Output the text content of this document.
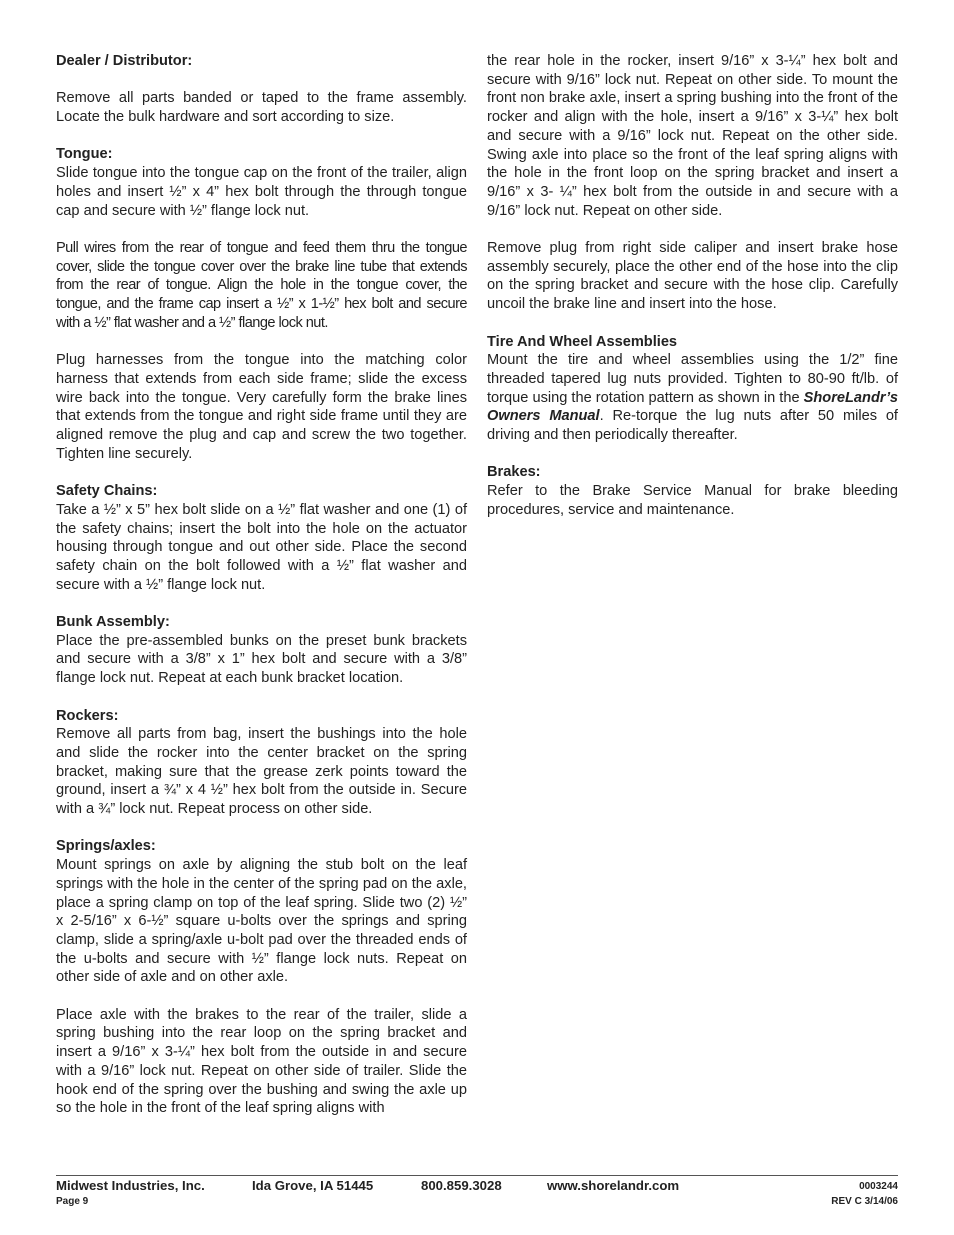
Dealer / Distributor:
Remove all parts banded or taped to the frame assembly. Locate the bulk hardware and sort according to size.
Tongue:
Slide tongue into the tongue cap on the front of the trailer, align holes and insert ½” x 4” hex bolt through the through tongue cap and secure with ½” flange lock nut.
Pull wires from the rear of tongue and feed them thru the tongue cover, slide the tongue cover over the brake line tube that extends from the rear of tongue. Align the hole in the tongue cover, the tongue, and the frame cap insert a ½” x 1-½” hex bolt and secure with a ½” flat washer and a ½” flange lock nut.
Plug harnesses from the tongue into the matching color harness that extends from each side frame; slide the excess wire back into the tongue. Very carefully form the brake lines that extends from the tongue and right side frame until they are aligned remove the plug and cap and screw the two together. Tighten line securely.
Safety Chains:
Take a ½” x 5” hex bolt slide on a ½” flat washer and one (1) of the safety chains; insert the bolt into the hole on the actuator housing through tongue and out other side. Place the second safety chain on the bolt followed with a ½” flat washer and secure with a ½” flange lock nut.
Bunk Assembly:
Place the pre-assembled bunks on the preset bunk brackets and secure with a 3/8” x 1” hex bolt and secure with a 3/8” flange lock nut. Repeat at each bunk bracket location.
Rockers:
Remove all parts from bag, insert the bushings into the hole and slide the rocker into the center bracket on the spring bracket, making sure that the grease zerk points toward the ground, insert a ¾” x 4 ½” hex bolt from the outside in. Secure with a ¾” lock nut. Repeat process on other side.
Springs/axles:
Mount springs on axle by aligning the stub bolt on the leaf springs with the hole in the center of the spring pad on the axle, place a spring clamp on top of the leaf spring. Slide two (2) ½” x 2-5/16” x 6-½” square u-bolts over the springs and spring clamp, slide a spring/axle u-bolt pad over the threaded ends of the u-bolts and secure with ½” flange lock nuts. Repeat on other side of axle and on other axle.
Place axle with the brakes to the rear of the trailer, slide a spring bushing into the rear loop on the spring bracket and insert a 9/16” x 3-¼” hex bolt from the outside in and secure with a 9/16” lock nut. Repeat on other side of trailer. Slide the hook end of the spring over the bushing and swing the axle up so the hole in the front of the leaf spring aligns with
the rear hole in the rocker, insert 9/16” x 3-¼” hex bolt and secure with 9/16” lock nut. Repeat on other side. To mount the front non brake axle, insert a spring bushing into the front of the rocker and align with the hole, insert a 9/16” x 3-¼” hex bolt and secure with a 9/16” lock nut. Repeat on the other side. Swing axle into place so the front of the leaf spring aligns with the hole in the front loop on the spring bracket and insert a 9/16” x 3- ¼” hex bolt from the outside in and secure with a 9/16” lock nut. Repeat on other side.
Remove plug from right side caliper and insert brake hose assembly securely, place the other end of the hose into the clip on the spring bracket and secure with the hose clip. Carefully uncoil the brake line and insert into the hose.
Tire And Wheel Assemblies
Mount the tire and wheel assemblies using the 1/2” fine threaded tapered lug nuts provided. Tighten to 80-90 ft/lb. of torque using the rotation pattern as shown in the ShoreLandr’s Owners Manual. Re-torque the lug nuts after 50 miles of driving and then periodically thereafter.
Brakes:
Refer to the Brake Service Manual for brake bleeding procedures, service and maintenance.
Midwest Industries, Inc.	Ida Grove, IA 51445	800.859.3028	www.shorelandr.com
Page 9
0003244
REV C 3/14/06
